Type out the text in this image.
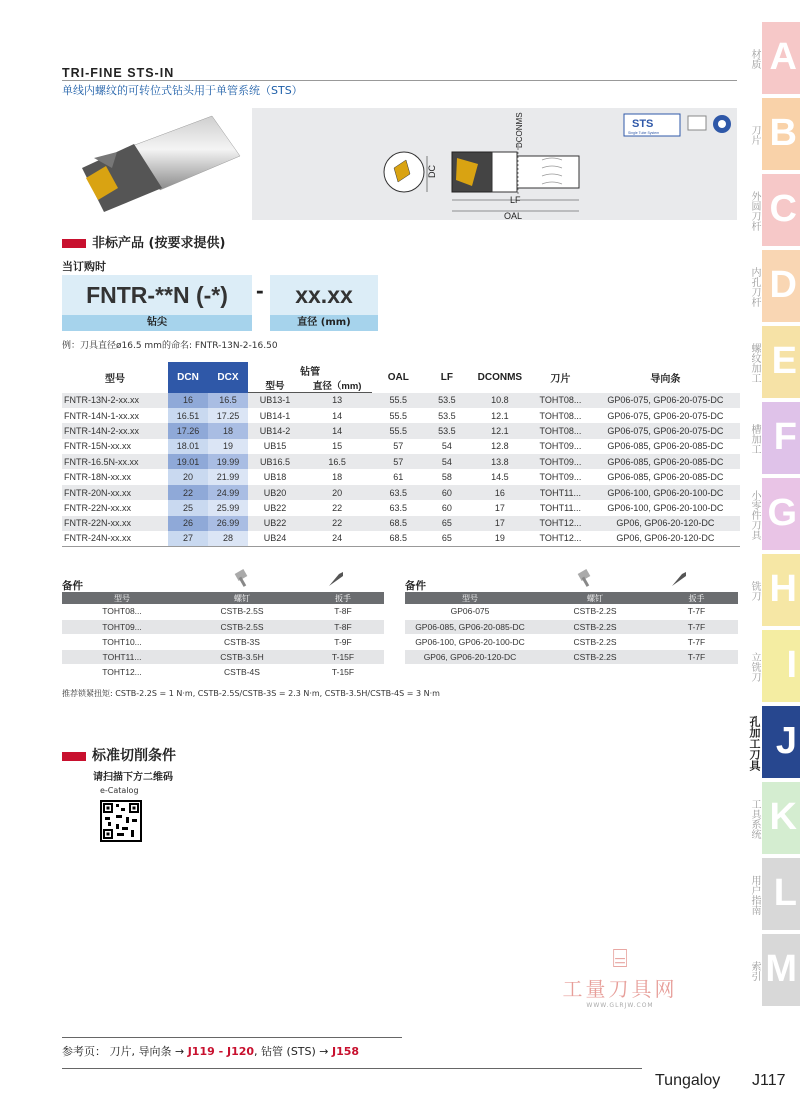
TRI-FINE STS-IN
单线内螺纹的可转位式钻头用于单管系统（STS）
DC
DCONMS
LF
OAL
STS
Single Tube System
非标产品 (按要求提供)
当订购时
FNTR-**N (-*)	-	xx.xx
钻尖	直径 (mm)
例：刀具直径ø16.5 mm的命名: FNTR-13N-2-16.50
型号	DCN	DCX	钻管		OAL	LF	DCONMS	刀片	导向条
			型号	直径（mm)					
FNTR-13N-2-xx.xx	16	16.5	UB13-1	13	55.5	53.5	10.8	TOHT08...	GP06-075, GP06-20-075-DC
FNTR-14N-1-xx.xx	16.51	17.25	UB14-1	14	55.5	53.5	12.1	TOHT08...	GP06-075, GP06-20-075-DC
FNTR-14N-2-xx.xx	17.26	18	UB14-2	14	55.5	53.5	12.1	TOHT08...	GP06-075, GP06-20-075-DC
FNTR-15N-xx.xx	18.01	19	UB15	15	57	54	12.8	TOHT09...	GP06-085, GP06-20-085-DC
FNTR-16.5N-xx.xx	19.01	19.99	UB16.5	16.5	57	54	13.8	TOHT09...	GP06-085, GP06-20-085-DC
FNTR-18N-xx.xx	20	21.99	UB18	18	61	58	14.5	TOHT09...	GP06-085, GP06-20-085-DC
FNTR-20N-xx.xx	22	24.99	UB20	20	63.5	60	16	TOHT11...	GP06-100, GP06-20-100-DC
FNTR-22N-xx.xx	25	25.99	UB22	22	63.5	60	17	TOHT11...	GP06-100, GP06-20-100-DC
FNTR-22N-xx.xx	26	26.99	UB22	22	68.5	65	17	TOHT12...	GP06, GP06-20-120-DC
FNTR-24N-xx.xx	27	28	UB24	24	68.5	65	19	TOHT12...	GP06, GP06-20-120-DC
备件
型号	螺钉	扳手
TOHT08...	CSTB-2.5S	T-8F
TOHT09...	CSTB-2.5S	T-8F
TOHT10...	CSTB-3S	T-9F
TOHT11...	CSTB-3.5H	T-15F
TOHT12...	CSTB-4S	T-15F
备件
型号	螺钉	扳手
GP06-075	CSTB-2.2S	T-7F
GP06-085, GP06-20-085-DC	CSTB-2.2S	T-7F
GP06-100, GP06-20-100-DC	CSTB-2.2S	T-7F
GP06, GP06-20-120-DC	CSTB-2.2S	T-7F
推荐锁紧扭矩: CSTB-2.2S = 1 N·m, CSTB-2.5S/CSTB-3S = 2.3 N·m, CSTB-3.5H/CSTB-4S = 3 N·m
标准切削条件
请扫描下方二维码
e-Catalog
⌸
工量刀具网
WWW.GLRJW.COM
参考页： 刀片, 导向条 → J119 - J120, 钻管 (STS) → J158
Tungaloy J117
A
材质
B
刀片
C
外圆刀杆
D
内孔刀杆
E
螺纹加工
F
槽加工
G
小零件刀具
H
铣刀
I
立铣刀
J
孔加工刀具
K
工具系统
L
用户指南
M
索引
